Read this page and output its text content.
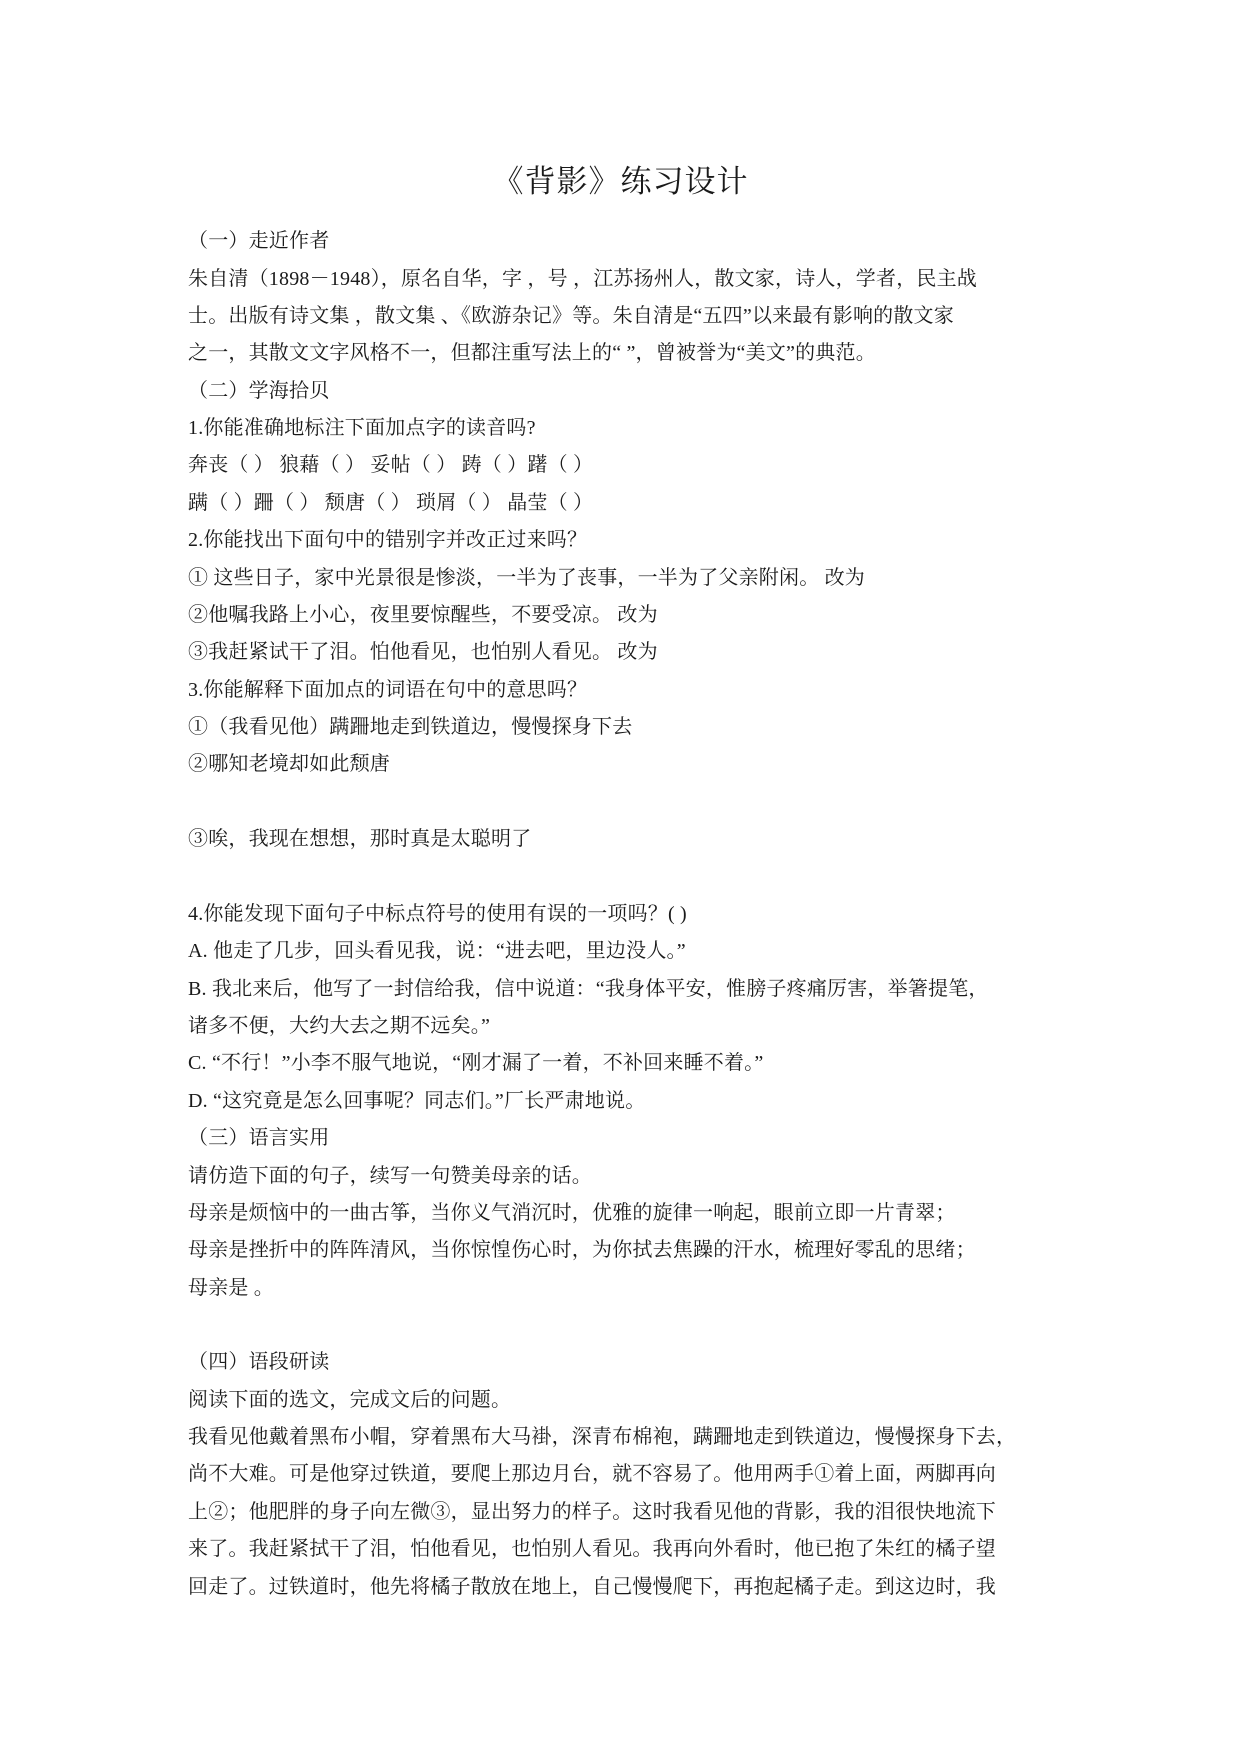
《背影》练习设计
（一）走近作者
朱自清（1898－1948），原名自华，字 ，号 ，江苏扬州人，散文家，诗人，学者，民主战
士。出版有诗文集 ，散文集 、《欧游杂记》等。朱自清是“五四”以来最有影响的散文家
之一，其散文文字风格不一，但都注重写法上的“ ”，曾被誉为“美文”的典范。
（二）学海拾贝
1.你能准确地标注下面加点字的读音吗?
奔丧（ ） 狼藉（ ） 妥帖（ ） 踌（ ）躇（ ）
蹒（ ）跚（ ） 颓唐（ ） 琐屑（ ） 晶莹（ ）
2.你能找出下面句中的错别字并改正过来吗？
① 这些日子，家中光景很是惨淡，一半为了丧事，一半为了父亲附闲。 改为
②他嘱我路上小心，夜里要惊醒些，不要受凉。 改为
③我赶紧试干了泪。怕他看见，也怕别人看见。 改为
3.你能解释下面加点的词语在句中的意思吗？
①（我看见他）蹒跚地走到铁道边，慢慢探身下去
②哪知老境却如此颓唐
③唉，我现在想想，那时真是太聪明了
4.你能发现下面句子中标点符号的使用有误的一项吗？( )
A. 他走了几步，回头看见我，说：“进去吧，里边没人。”
B. 我北来后，他写了一封信给我，信中说道：“我身体平安，惟膀子疼痛厉害，举箸提笔，
诸多不便，大约大去之期不远矣。”
C. “不行！”小李不服气地说，“刚才漏了一着，不补回来睡不着。”
D. “这究竟是怎么回事呢？同志们。”厂长严肃地说。
（三）语言实用
请仿造下面的句子，续写一句赞美母亲的话。
母亲是烦恼中的一曲古筝，当你义气消沉时，优雅的旋律一响起，眼前立即一片青翠；
母亲是挫折中的阵阵清风，当你惊惶伤心时，为你拭去焦躁的汗水，梳理好零乱的思绪；
母亲是 。
（四）语段研读
阅读下面的选文，完成文后的问题。
我看见他戴着黑布小帽，穿着黑布大马褂，深青布棉袍，蹒跚地走到铁道边，慢慢探身下去，
尚不大难。可是他穿过铁道，要爬上那边月台，就不容易了。他用两手①着上面，两脚再向
上②；他肥胖的身子向左微③，显出努力的样子。这时我看见他的背影，我的泪很快地流下
来了。我赶紧拭干了泪，怕他看见，也怕别人看见。我再向外看时，他已抱了朱红的橘子望
回走了。过铁道时，他先将橘子散放在地上，自己慢慢爬下，再抱起橘子走。到这边时，我
